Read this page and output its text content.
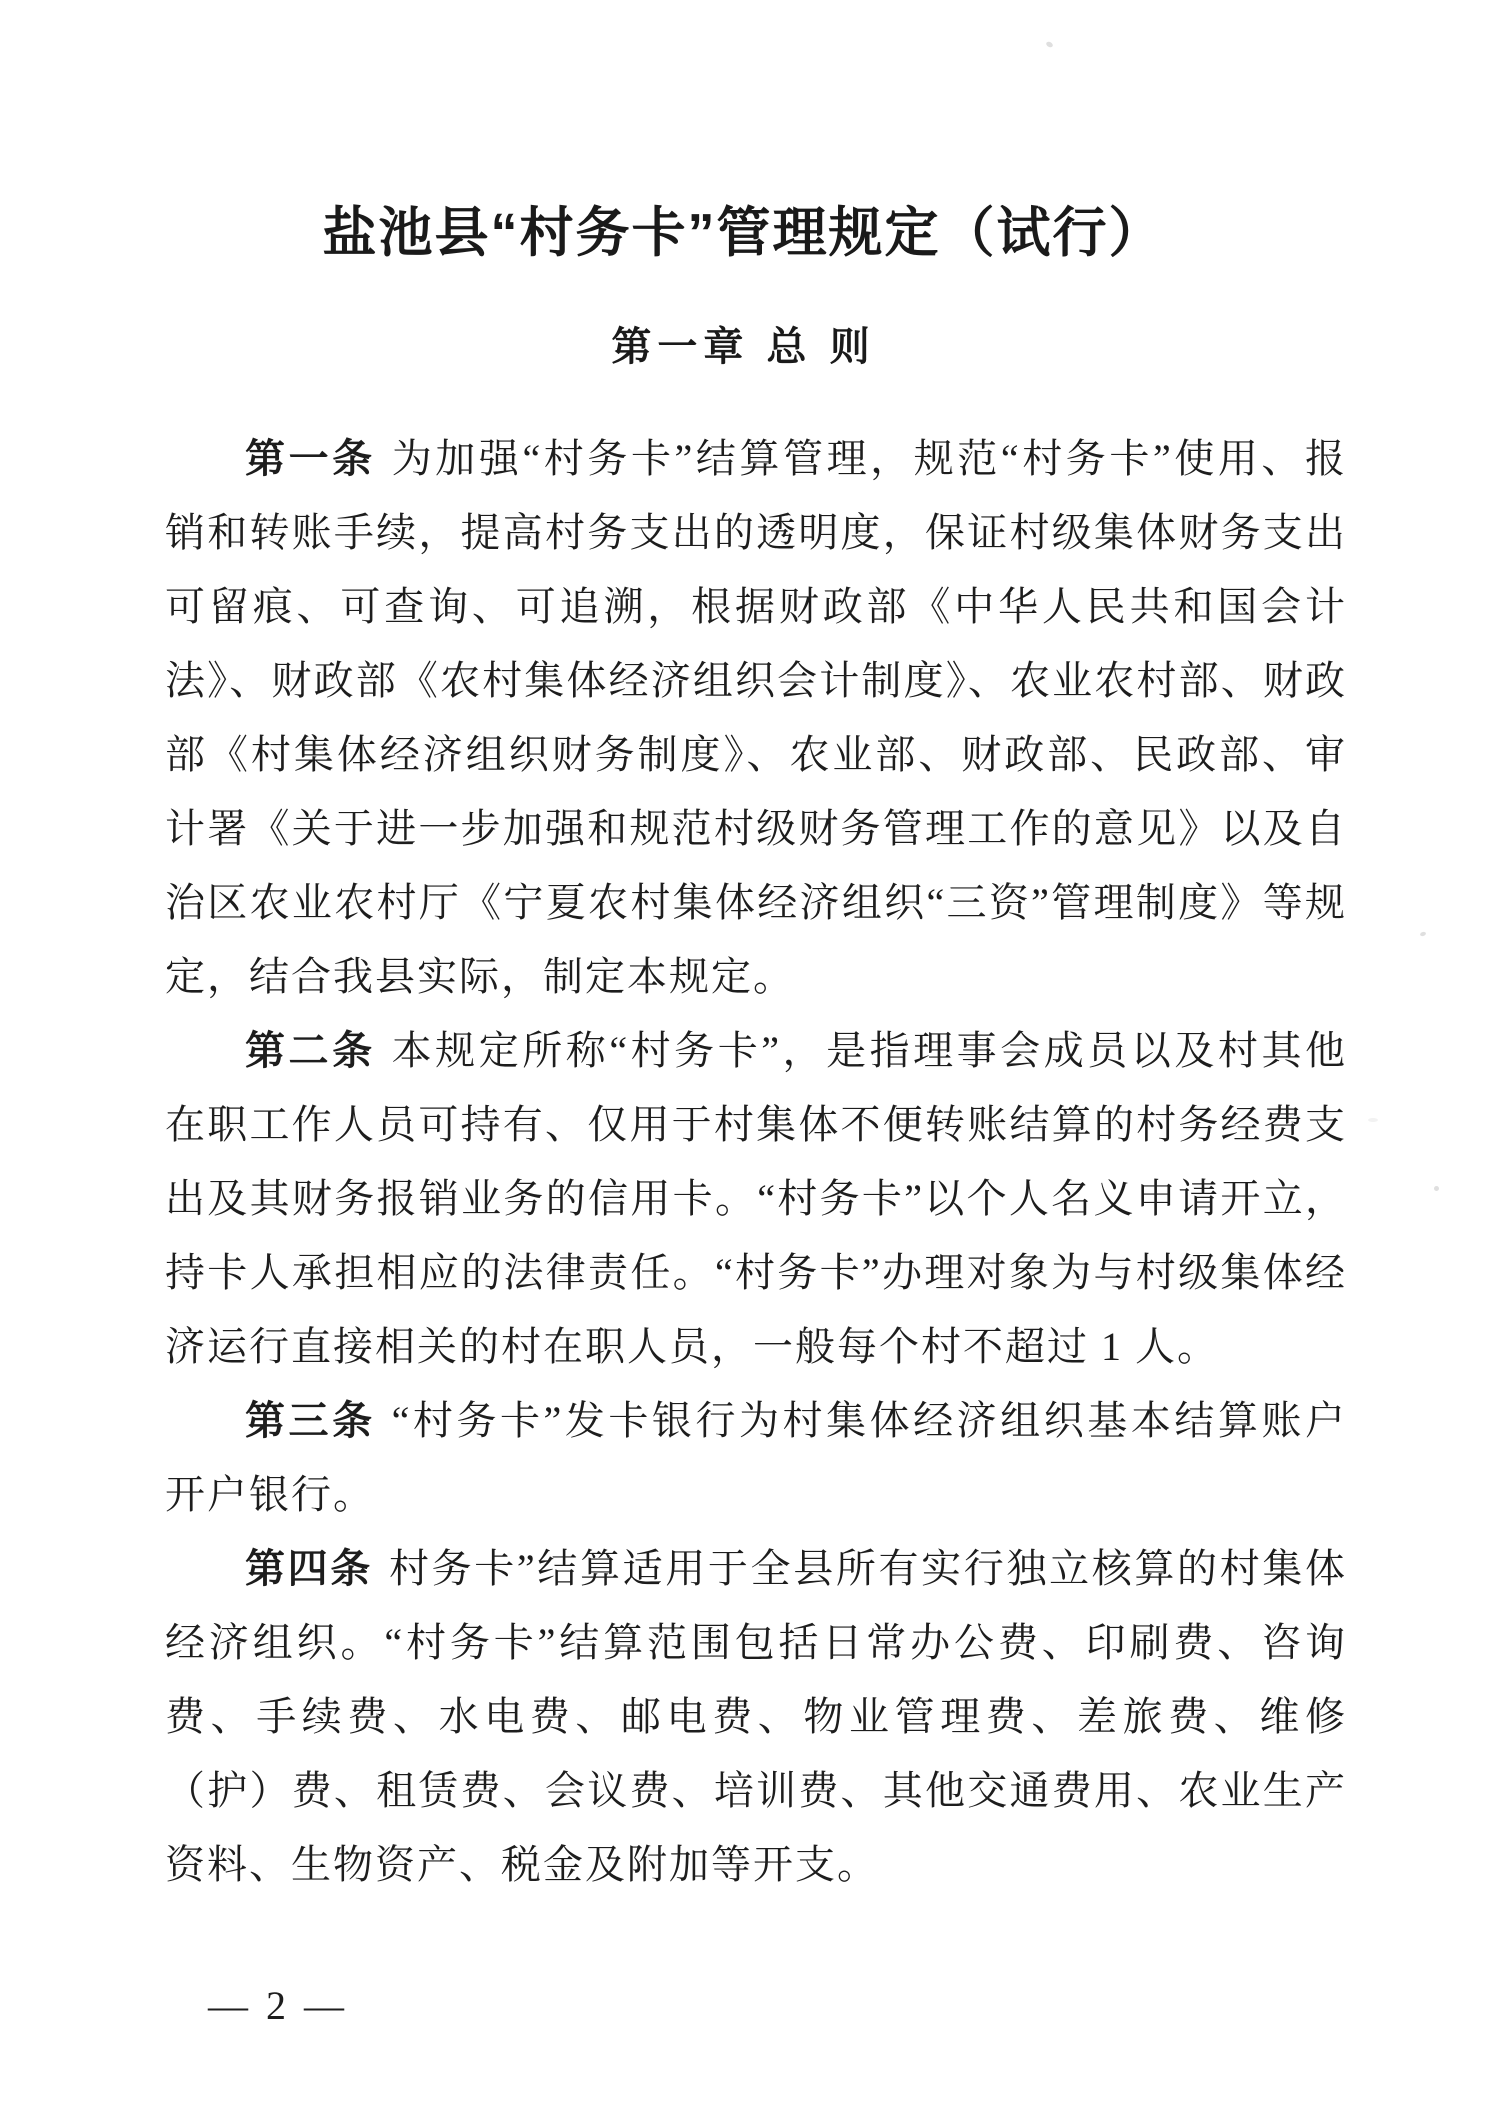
盐池县“村务卡”管理规定（试行）
第一章 总 则

第一条 为加强“村务卡”结算管理，规范“村务卡”使用、报销和转账手续，提高村务支出的透明度，保证村级集体财务支出可留痕、可查询、可追溯，根据财政部《中华人民共和国会计法》、财政部《农村集体经济组织会计制度》、农业农村部、财政部《村集体经济组织财务制度》、农业部、财政部、民政部、审计署《关于进一步加强和规范村级财务管理工作的意见》以及自治区农业农村厅《宁夏农村集体经济组织“三资”管理制度》等规定，结合我县实际，制定本规定。

第二条 本规定所称“村务卡”，是指理事会成员以及村其他在职工作人员可持有、仅用于村集体不便转账结算的村务经费支出及其财务报销业务的信用卡。“村务卡”以个人名义申请开立，持卡人承担相应的法律责任。“村务卡”办理对象为与村级集体经济运行直接相关的村在职人员，一般每个村不超过 1 人。

第三条 “村务卡”发卡银行为村集体经济组织基本结算账户开户银行。

第四条 村务卡”结算适用于全县所有实行独立核算的村集体经济组织。“村务卡”结算范围包括日常办公费、印刷费、咨询费、手续费、水电费、邮电费、物业管理费、差旅费、维修（护）费、租赁费、会议费、培训费、其他交通费用、农业生产资料、生物资产、税金及附加等开支。

— 2 —
